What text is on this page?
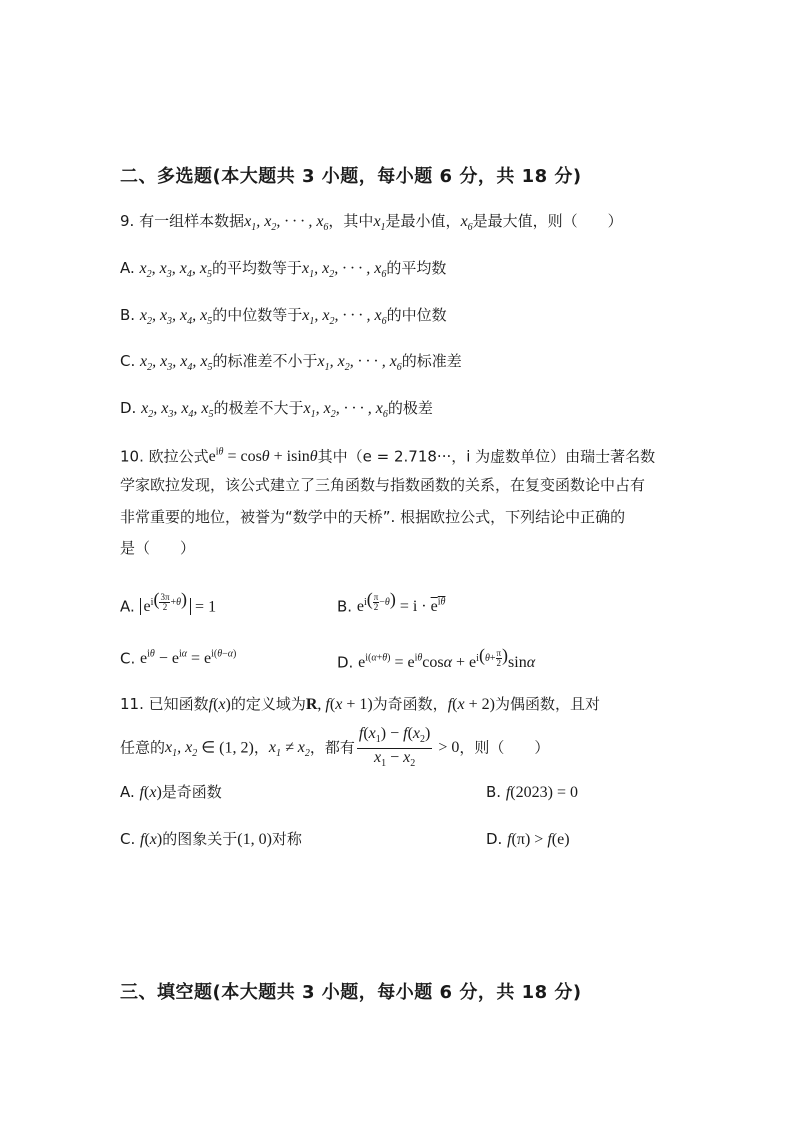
二、多选题(本大题共 3 小题，每小题 6 分，共 18 分)
9. 有一组样本数据$x_1$, $x_2$, · · · , $x_6$，其中$x_1$是最小值，$x_6$是最大值，则（　　）
A. $x_2$, $x_3$, $x_4$, $x_5$的平均数等于$x_1$, $x_2$, · · · , $x_6$的平均数
B. $x_2$, $x_3$, $x_4$, $x_5$的中位数等于$x_1$, $x_2$, · · · , $x_6$的中位数
C. $x_2$, $x_3$, $x_4$, $x_5$的标准差不小于$x_1$, $x_2$, · · · , $x_6$的标准差
D. $x_2$, $x_3$, $x_4$, $x_5$的极差不大于$x_1$, $x_2$, · · · , $x_6$的极差
10. 欧拉公式$e^{i\theta} = \cos\theta + isin\theta$其中（e = 2.718···，i 为虚数单位）由瑞士著名数
学家欧拉发现，该公式建立了三角函数与指数函数的关系，在复变函数论中占有
非常重要的地位，被誉为“数学中的天桥”. 根据欧拉公式，下列结论中正确的
是（　　）
A. $e^{i( \frac{3\pi}{2} +\theta)} = 1$	B. $e^{i( \frac{\pi}{2} -\theta)} = i \cdot e^{i\theta}$
C. $e^{i\theta} - e^{i\alpha} = e^{i(\theta-\alpha)}$	D. $e^{i(\alpha+\theta)} = e^{i\theta}\cos\alpha + e^{i(\theta+ \frac{\pi}{2} )}\sin\alpha$
11. 已知函数f(x)的定义域为R, f(x + 1)为奇函数，f(x + 2)为偶函数，且对
任意的$x_1$, $x_2$ ∈ (1, 2)，$x_1 \ne x_2$，都有 $\frac{f(x_1) - f(x_2)}{x_1 - x_2} > 0$，则（　　）
A. f(x)是奇函数	B. f(2023) = 0
C. f(x)的图象关于(1, 0)对称	D. f(π) > f(e)
三、填空题(本大题共 3 小题，每小题 6 分，共 18 分)
